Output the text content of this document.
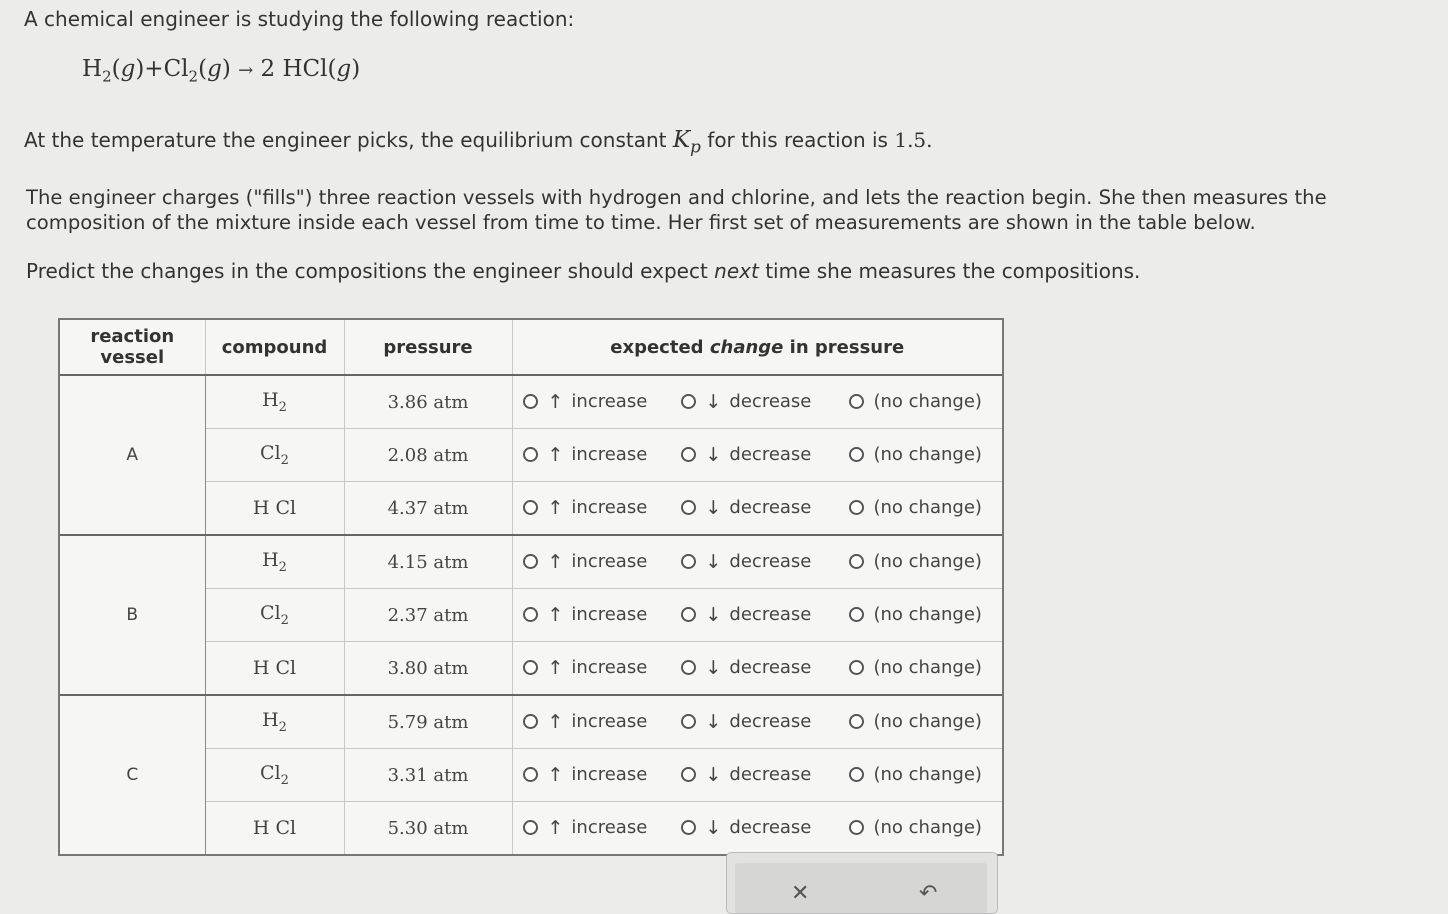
A chemical engineer is studying the following reaction:
$H_2(g)+Cl_2(g) \to 2$ HCl(g)
At the temperature the engineer picks, the equilibrium constant $K_p$ for this reaction is 1.5.
The engineer charges ("fills") three reaction vessels with hydrogen and chlorine, and lets the reaction begin. She then measures the
composition of the mixture inside each vessel from time to time. Her first set of measurements are shown in the table below.
Predict the changes in the compositions the engineer should expect next time she measures the compositions.
reaction
vessel	compound	pressure	expected change in pressure
A	$H_2$	3.86 atm	↑ increase ↓ decrease (no change)

	$Cl_2$	2.08 atm	↑ increase ↓ decrease (no change)

	H Cl	4.37 atm	↑ increase ↓ decrease (no change)

B	$H_2$	4.15 atm	↑ increase ↓ decrease (no change)

	$Cl_2$	2.37 atm	↑ increase ↓ decrease (no change)

	H Cl	3.80 atm	↑ increase ↓ decrease (no change)

C	$H_2$	5.79 atm	↑ increase ↓ decrease (no change)

	$Cl_2$	3.31 atm	↑ increase ↓ decrease (no change)

	H Cl	5.30 atm	↑ increase ↓ decrease (no change)
✕	↶
